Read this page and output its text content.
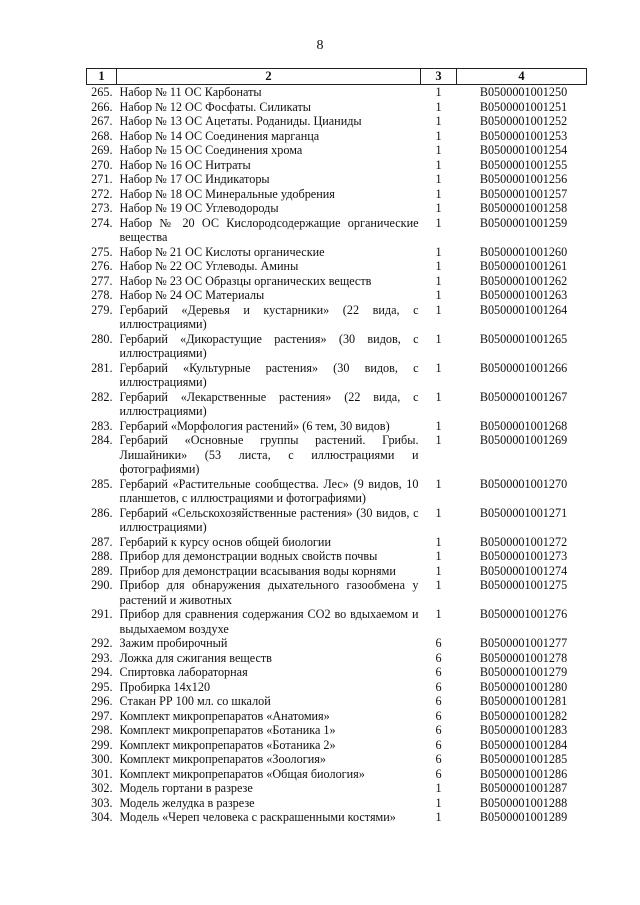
8
1	2	3	4
265.	Набор № 11 ОС Карбонаты	1	B0500001001250
266.	Набор № 12 ОС Фосфаты. Силикаты	1	B0500001001251
267.	Набор № 13 ОС Ацетаты. Роданиды. Цианиды	1	B0500001001252
268.	Набор № 14 ОС Соединения марганца	1	B0500001001253
269.	Набор № 15 ОС Соединения хрома	1	B0500001001254
270.	Набор № 16 ОС Нитраты	1	B0500001001255
271.	Набор № 17 ОС Индикаторы	1	B0500001001256
272.	Набор № 18 ОС Минеральные удобрения	1	B0500001001257
273.	Набор № 19 ОС Углеводороды	1	B0500001001258
274.	Набор № 20 ОС Кислородсодержащие органические вещества	1	B0500001001259
275.	Набор № 21 ОС Кислоты органические	1	B0500001001260
276.	Набор № 22 ОС Углеводы. Амины	1	B0500001001261
277.	Набор № 23 ОС Образцы органических веществ	1	B0500001001262
278.	Набор № 24 ОС Материалы	1	B0500001001263
279.	Гербарий «Деревья и кустарники» (22 вида, с иллюстрациями)	1	B0500001001264
280.	Гербарий «Дикорастущие растения» (30 видов, с иллюстрациями)	1	B0500001001265
281.	Гербарий «Культурные растения» (30 видов, с иллюстрациями)	1	B0500001001266
282.	Гербарий «Лекарственные растения» (22 вида, с иллюстрациями)	1	B0500001001267
283.	Гербарий «Морфология растений» (6 тем, 30 видов)	1	B0500001001268
284.	Гербарий «Основные группы растений. Грибы. Лишайники» (53 листа, с иллюстрациями и фотографиями)	1	B0500001001269
285.	Гербарий «Растительные сообщества. Лес» (9 видов, 10 планшетов, с иллюстрациями и фотографиями)	1	B0500001001270
286.	Гербарий «Сельскохозяйственные растения» (30 видов, с иллюстрациями)	1	B0500001001271
287.	Гербарий к курсу основ общей биологии	1	B0500001001272
288.	Прибор для демонстрации водных свойств почвы	1	B0500001001273
289.	Прибор для демонстрации всасывания воды корнями	1	B0500001001274
290.	Прибор для обнаружения дыхательного газообмена у растений и животных	1	B0500001001275
291.	Прибор для сравнения содержания СО2 во вдыхаемом и выдыхаемом воздухе	1	B0500001001276
292.	Зажим пробирочный	6	B0500001001277
293.	Ложка для сжигания веществ	6	B0500001001278
294.	Спиртовка лабораторная	6	B0500001001279
295.	Пробирка 14х120	6	B0500001001280
296.	Стакан РР 100 мл. со шкалой	6	B0500001001281
297.	Комплект микропрепаратов «Анатомия»	6	B0500001001282
298.	Комплект микропрепаратов «Ботаника 1»	6	B0500001001283
299.	Комплект микропрепаратов «Ботаника 2»	6	B0500001001284
300.	Комплект микропрепаратов «Зоология»	6	B0500001001285
301.	Комплект микропрепаратов «Общая биология»	6	B0500001001286
302.	Модель гортани в разрезе	1	B0500001001287
303.	Модель желудка в разрезе	1	B0500001001288
304.	Модель «Череп человека с раскрашенными костями»	1	B0500001001289
